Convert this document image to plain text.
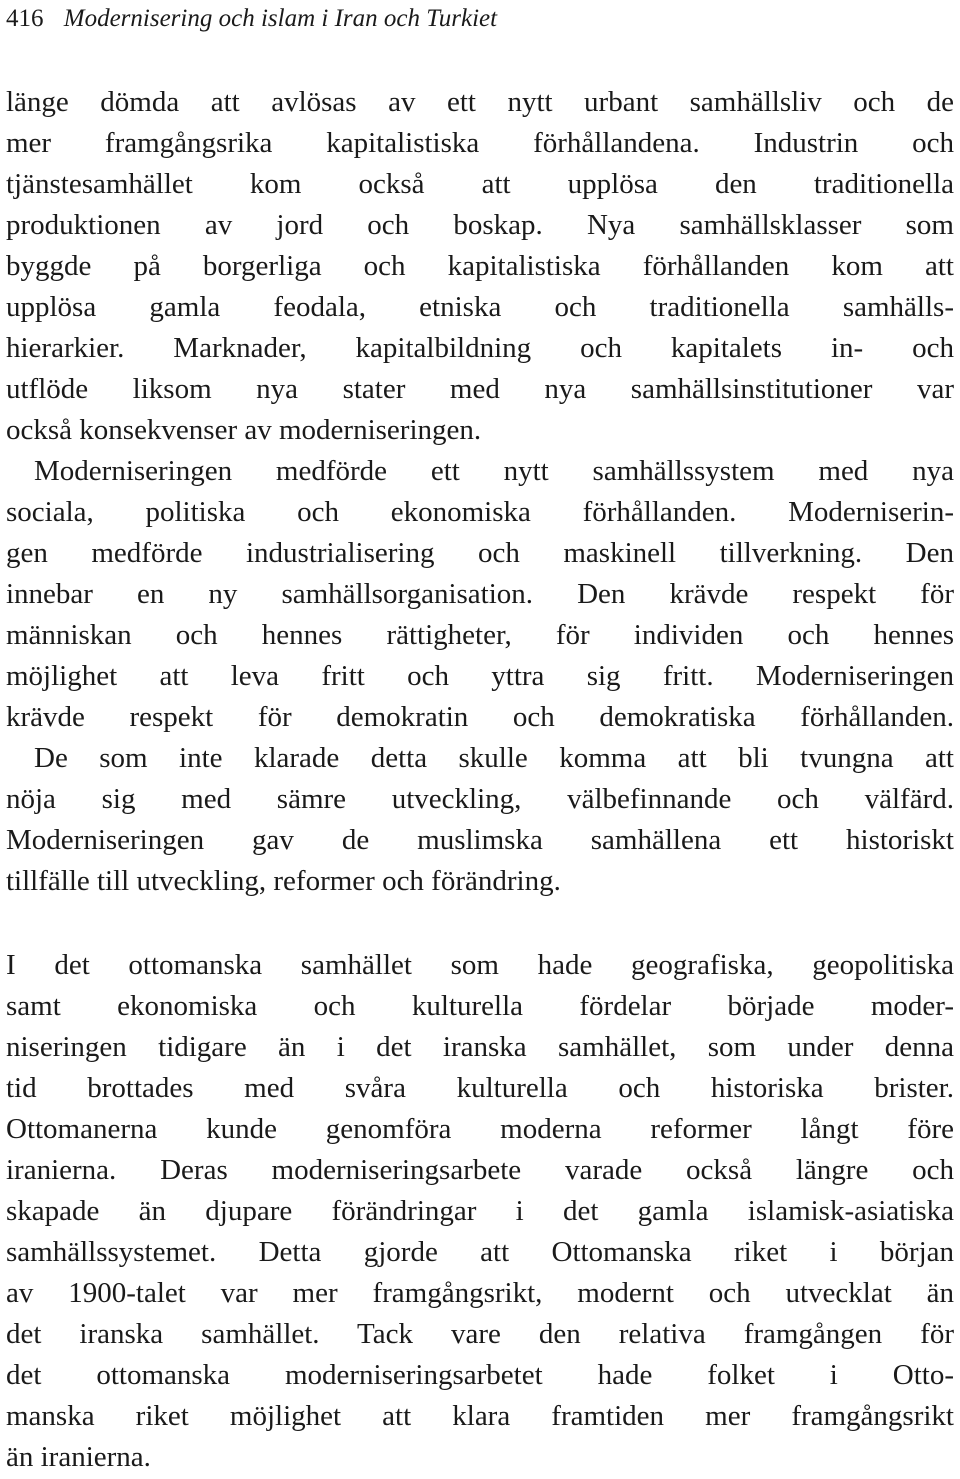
416 Modernisering och islam i Iran och Turkiet

länge dömda att avlösas av ett nytt urbant samhällsliv och de
mer framgångsrika kapitalistiska förhållandena. Industrin och
tjänstesamhället kom också att upplösa den traditionella
produktionen av jord och boskap. Nya samhällsklasser som
byggde på borgerliga och kapitalistiska förhållanden kom att
upplösa gamla feodala, etniska och traditionella samhälls-
hierarkier. Marknader, kapitalbildning och kapitalets in- och
utflöde liksom nya stater med nya samhällsinstitutioner var
också konsekvenser av moderniseringen.
Moderniseringen medförde ett nytt samhällssystem med nya
sociala, politiska och ekonomiska förhållanden. Moderniserin-
gen medförde industrialisering och maskinell tillverkning. Den
innebar en ny samhällsorganisation. Den krävde respekt för
människan och hennes rättigheter, för individen och hennes
möjlighet att leva fritt och yttra sig fritt. Moderniseringen
krävde respekt för demokratin och demokratiska förhållanden.
De som inte klarade detta skulle komma att bli tvungna att
nöja sig med sämre utveckling, välbefinnande och välfärd.
Moderniseringen gav de muslimska samhällena ett historiskt
tillfälle till utveckling, reformer och förändring.

I det ottomanska samhället som hade geografiska, geopolitiska
samt ekonomiska och kulturella fördelar började moder-
niseringen tidigare än i det iranska samhället, som under denna
tid brottades med svåra kulturella och historiska brister.
Ottomanerna kunde genomföra moderna reformer långt före
iranierna. Deras moderniseringsarbete varade också längre och
skapade än djupare förändringar i det gamla islamisk-asiatiska
samhällssystemet. Detta gjorde att Ottomanska riket i början
av 1900-talet var mer framgångsrikt, modernt och utvecklat än
det iranska samhället. Tack vare den relativa framgången för
det ottomanska moderniseringsarbetet hade folket i Otto-
manska riket möjlighet att klara framtiden mer framgångsrikt
än iranierna.
